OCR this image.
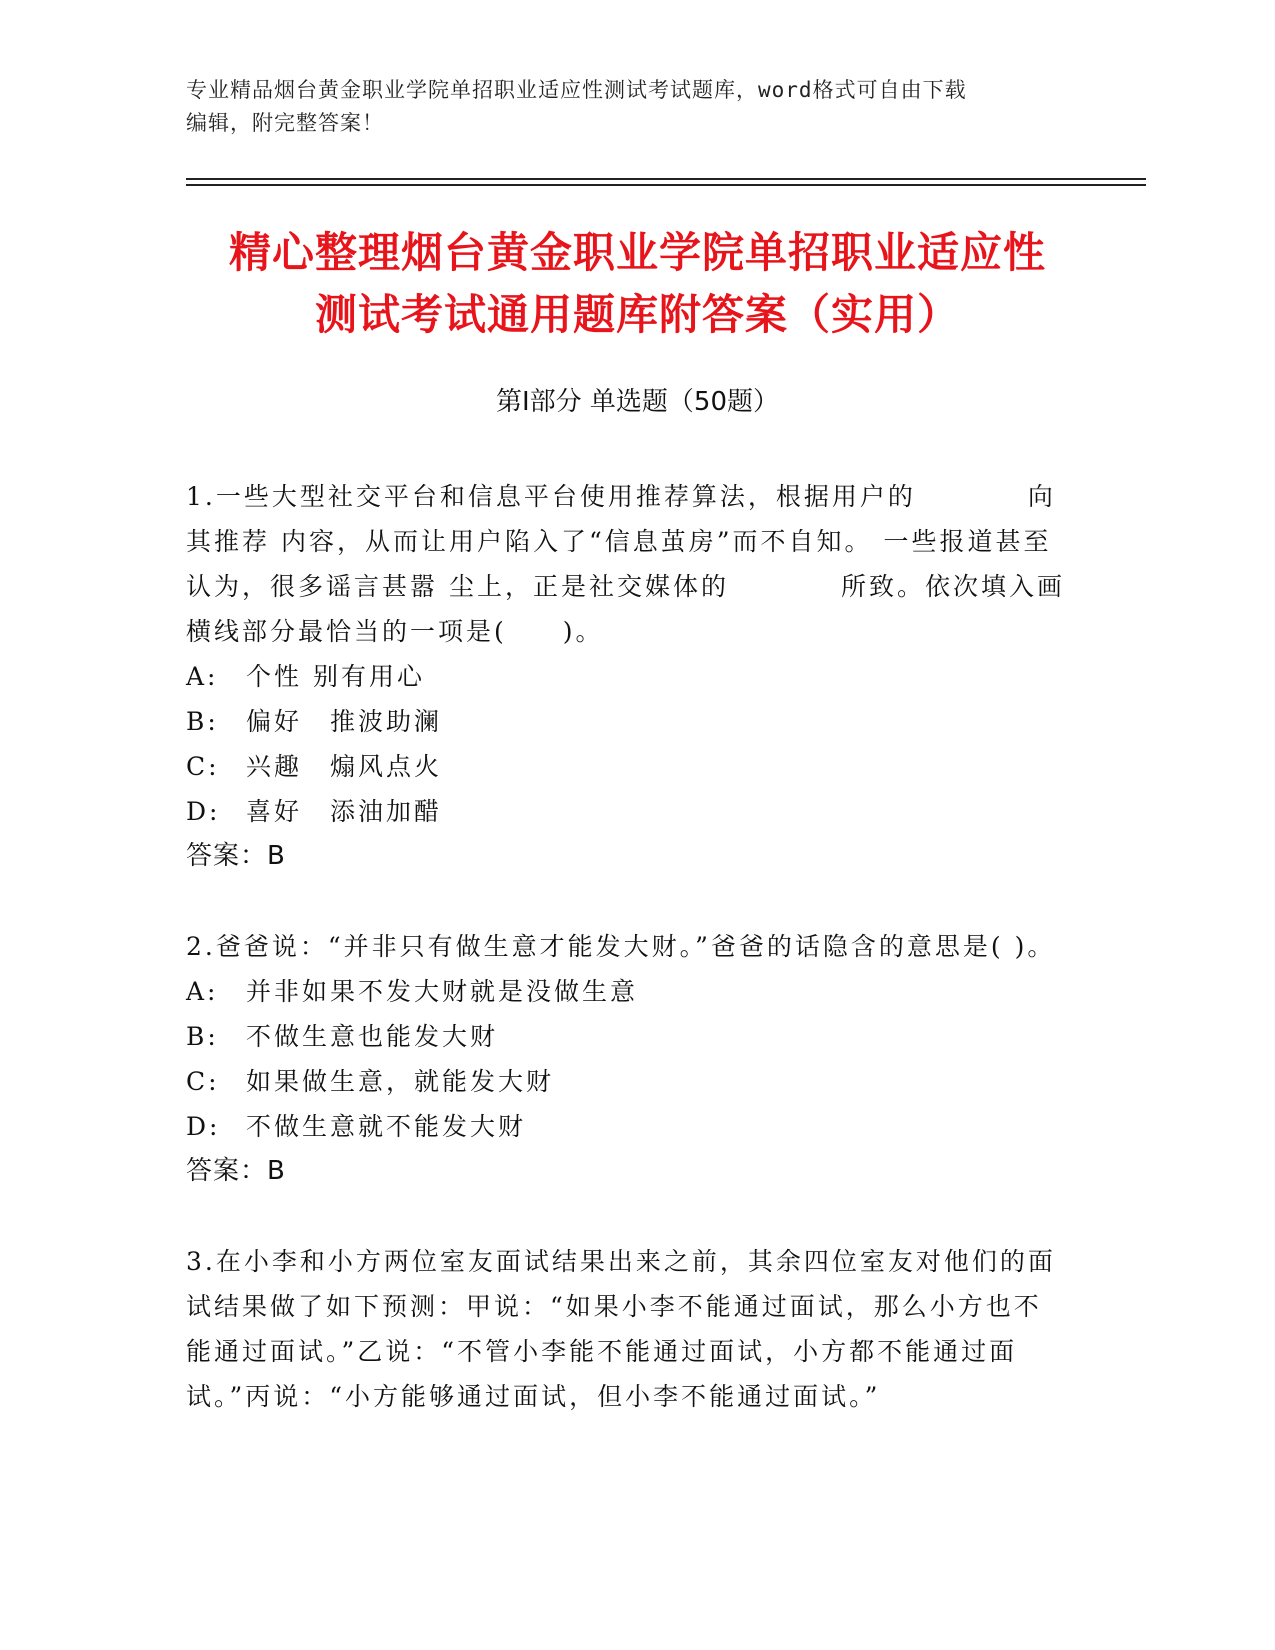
专业精品烟台黄金职业学院单招职业适应性测试考试题库，word格式可自由下载
编辑，附完整答案！
精心整理烟台黄金职业学院单招职业适应性
测试考试通用题库附答案（实用）
第Ⅰ部分 单选题（50题）

1.一些大型社交平台和信息平台使用推荐算法，根据用户的　　　　向其推荐 内容，从而让用户陷入了“信息茧房”而不自知。 一些报道甚至认为，很多谣言甚嚣 尘上，正是社交媒体的　　　　所致。依次填入画横线部分最恰当的一项是(　　)。

A:	个性 别有用心
B:	偏好　推波助澜
C:	兴趣　煽风点火
D:	喜好　添油加醋

答案：B

2.爸爸说：“并非只有做生意才能发大财。”爸爸的话隐含的意思是( )。

A:	并非如果不发大财就是没做生意
B:	不做生意也能发大财
C:	如果做生意，就能发大财
D:	不做生意就不能发大财

答案：B

3.在小李和小方两位室友面试结果出来之前，其余四位室友对他们的面试结果做了如下预测：甲说：“如果小李不能通过面试，那么小方也不能通过面试。”乙说：“不管小李能不能通过面试，小方都不能通过面试。”丙说：“小方能够通过面试，但小李不能通过面试。”
